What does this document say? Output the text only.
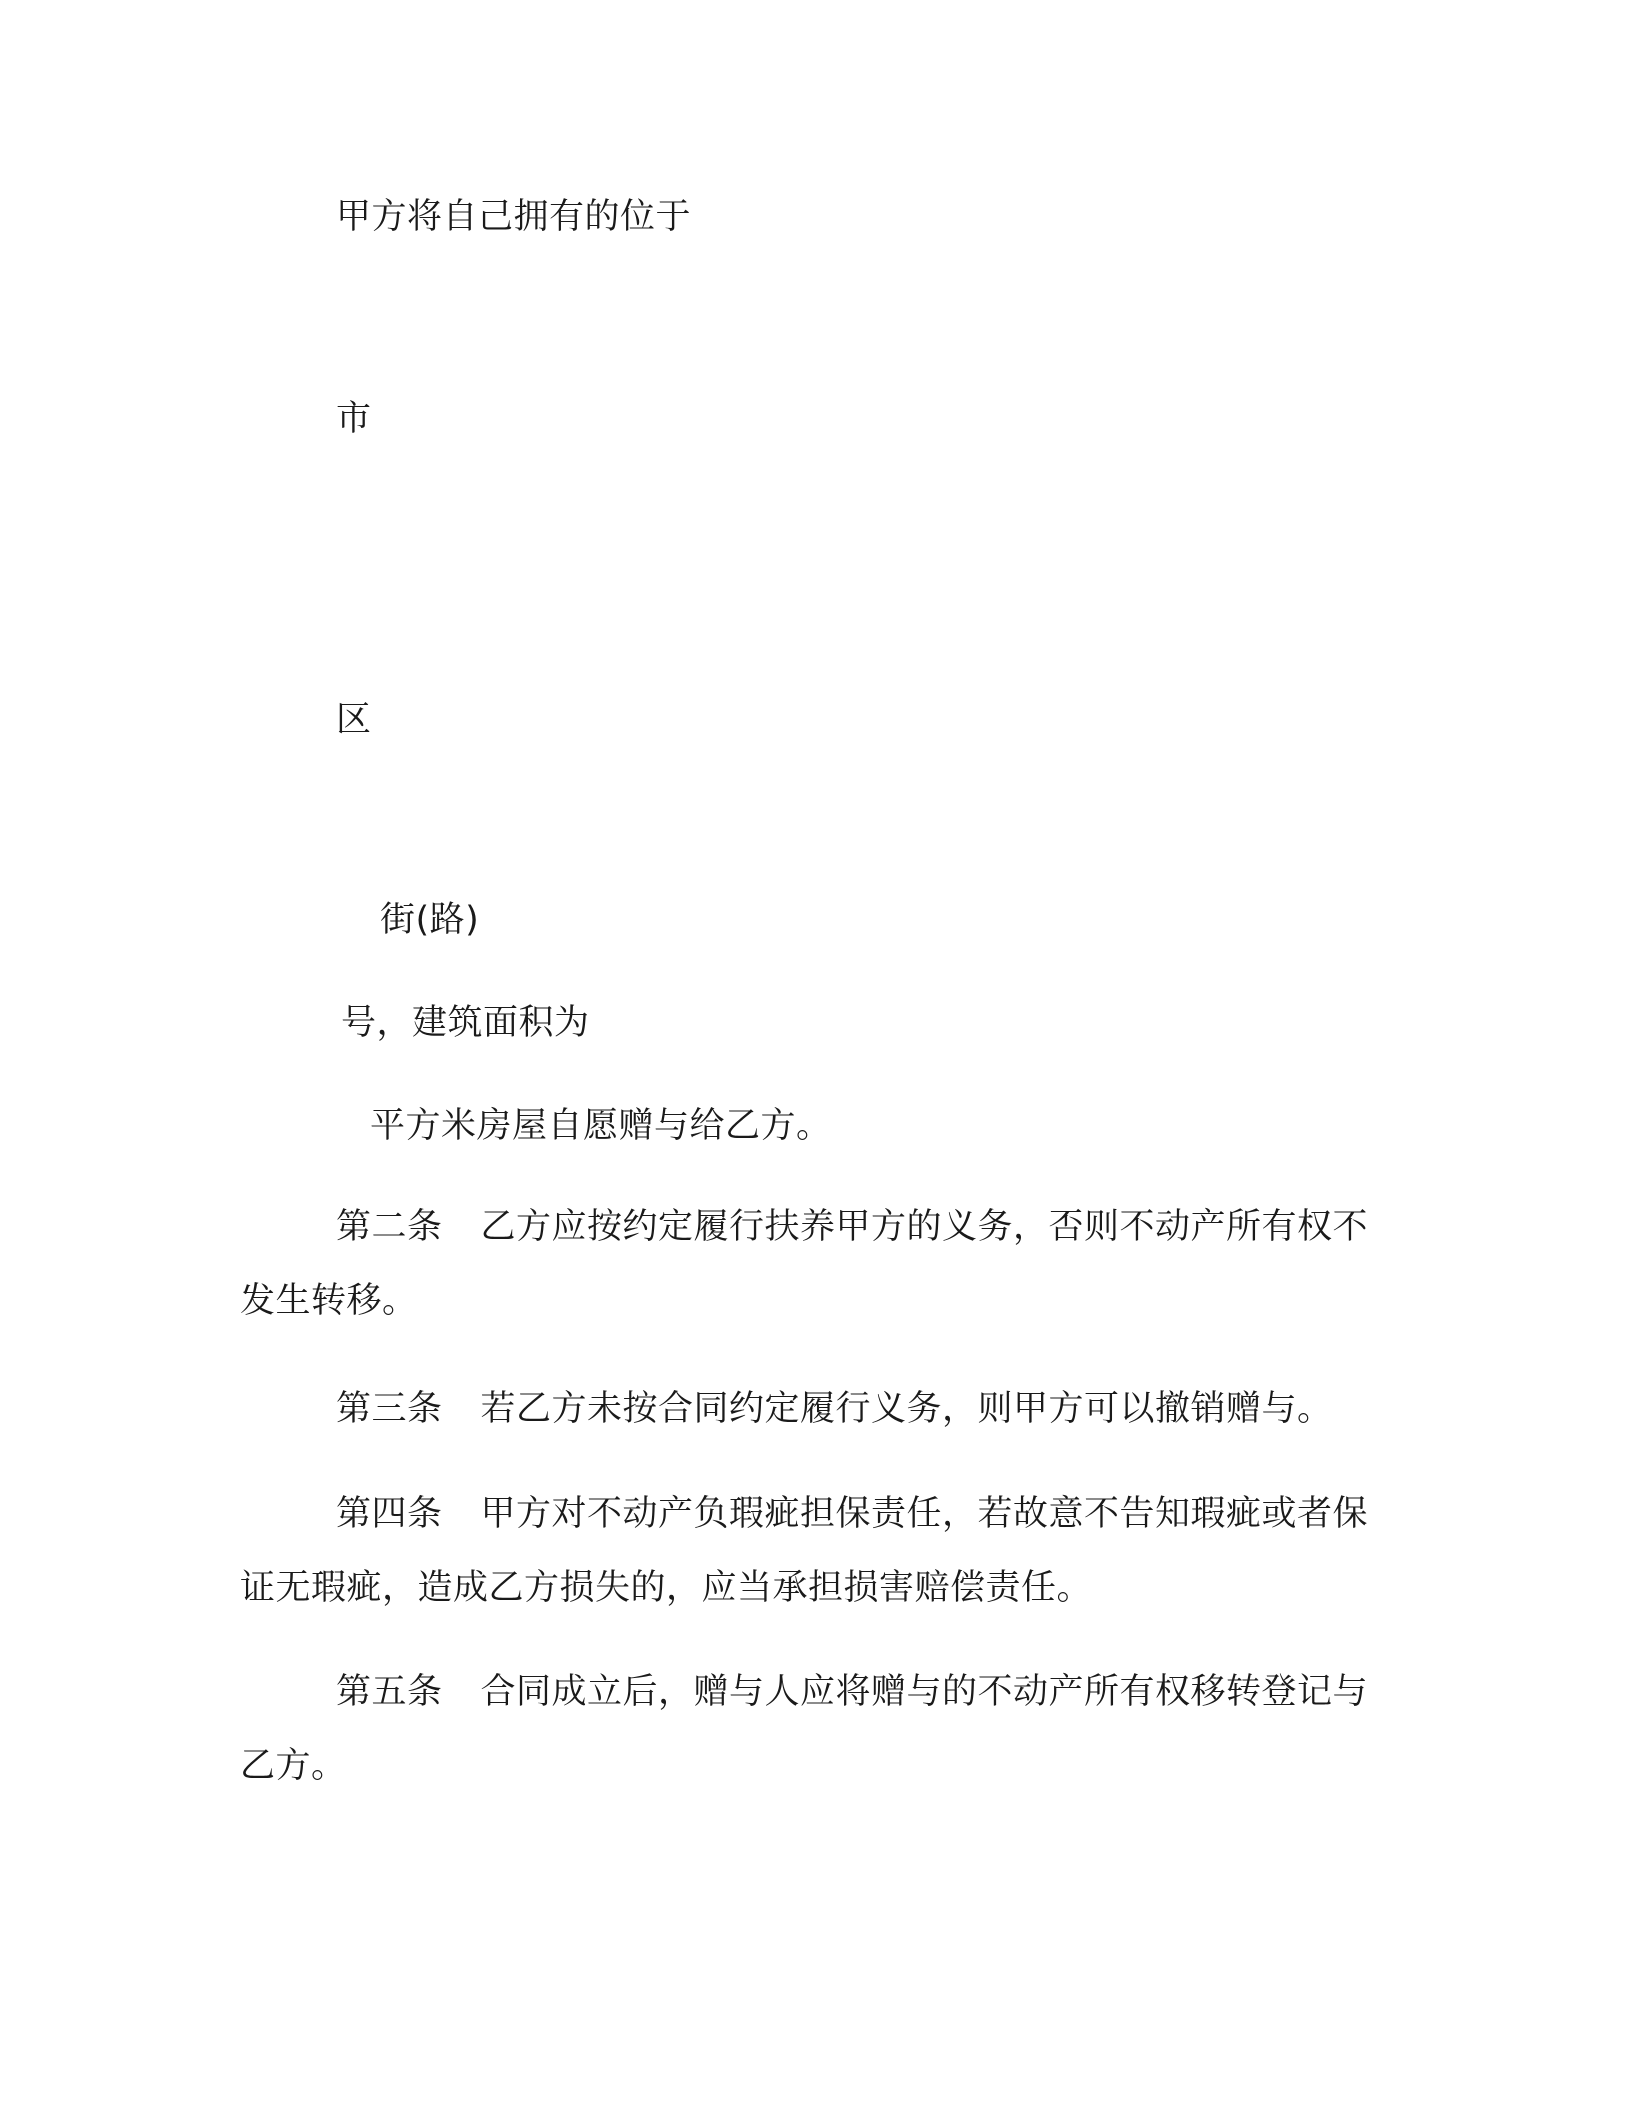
甲方将自己拥有的位于
市
区
街(路)
号，建筑面积为
平方米房屋自愿赠与给乙方。
第二条 乙方应按约定履行扶养甲方的义务，否则不动产所有权不发生转移。
第三条 若乙方未按合同约定履行义务，则甲方可以撤销赠与。
第四条 甲方对不动产负瑕疵担保责任，若故意不告知瑕疵或者保证无瑕疵，造成乙方损失的，应当承担损害赔偿责任。
第五条 合同成立后，赠与人应将赠与的不动产所有权移转登记与乙方。
